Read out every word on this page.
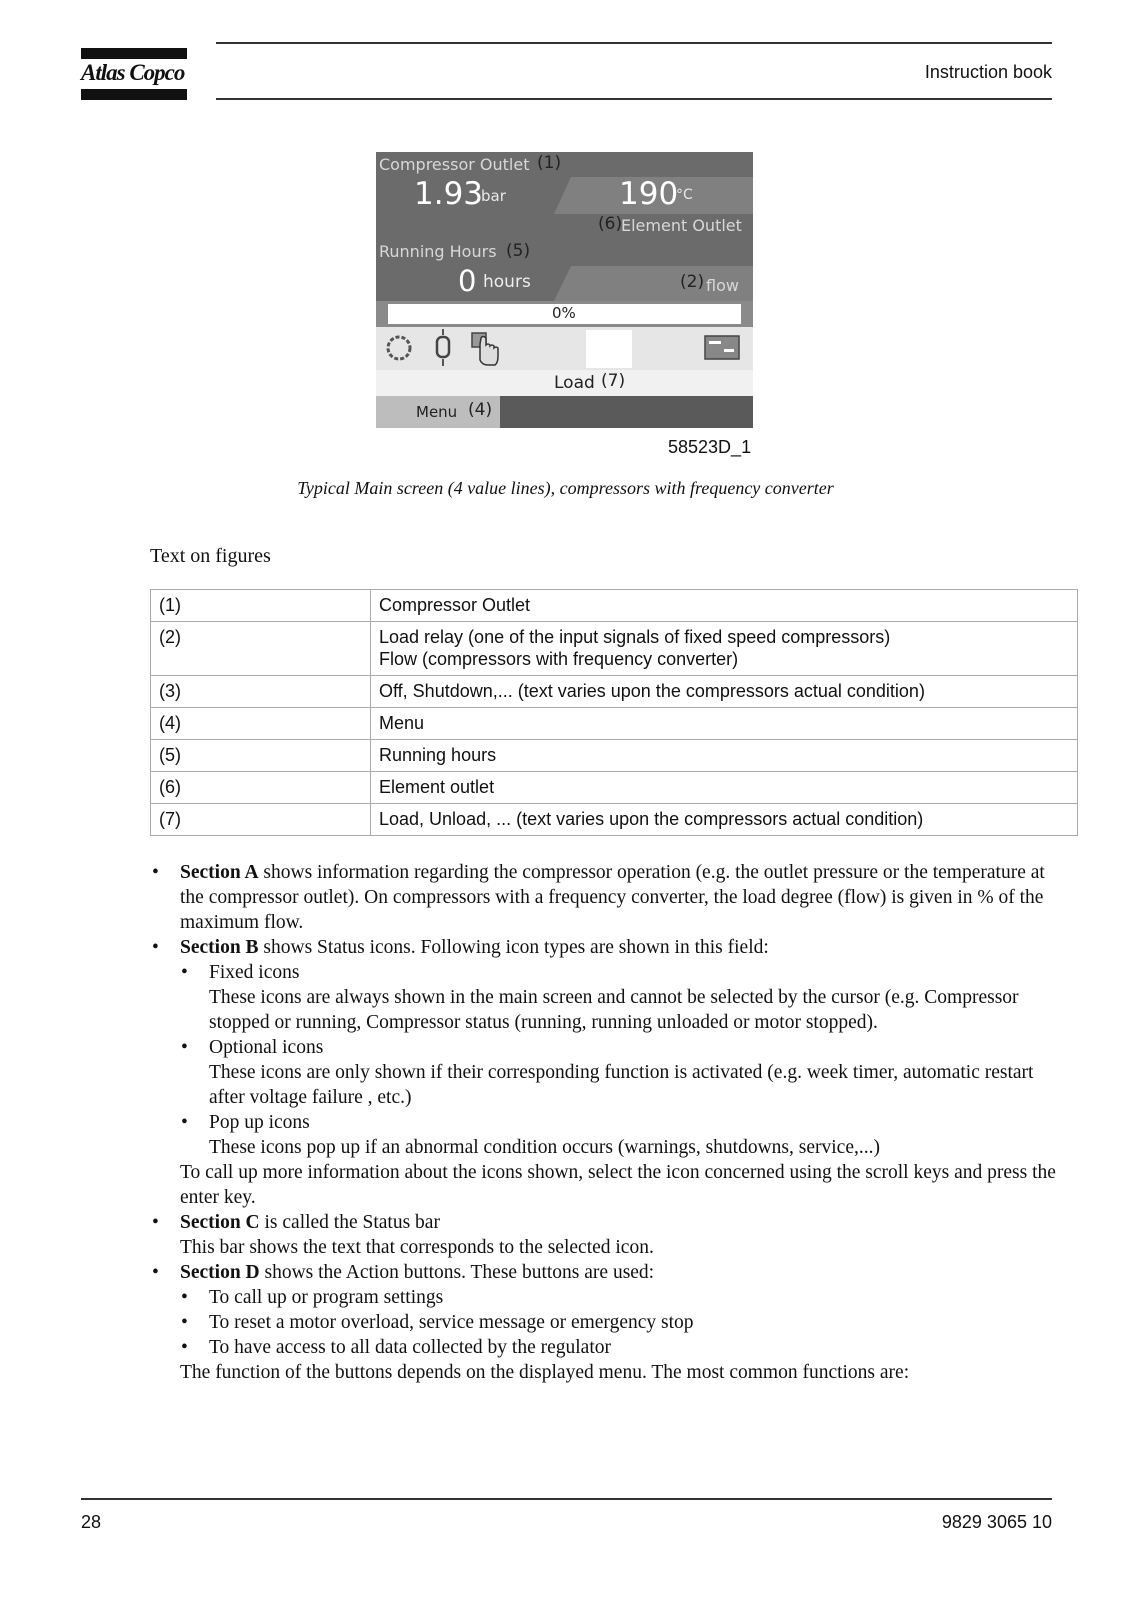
Atlas Copco	Instruction book
Compressor Outlet (1)
1.93
bar	190
°C
(6)
Element Outlet
Running Hours (5)
0 hours	(2) flow
0%
Load (7)
Menu (4)
58523D_1
Typical Main screen (4 value lines), compressors with frequency converter
Text on figures
(1)	Compressor Outlet
(2)	Load relay (one of the input signals of fixed speed compressors)
Flow (compressors with frequency converter)

(3)	Off, Shutdown,... (text varies upon the compressors actual condition)
(4)	Menu
(5)	Running hours
(6)	Element outlet
(7)	Load, Unload, ... (text varies upon the compressors actual condition)
• Section A shows information regarding the compressor operation (e.g. the outlet pressure or the temperature at the compressor outlet). On compressors with a frequency converter, the load degree (flow) is given in % of the maximum flow.
• Section B shows Status icons. Following icon types are shown in this field:
• Fixed icons
These icons are always shown in the main screen and cannot be selected by the cursor (e.g. Compressor stopped or running, Compressor status (running, running unloaded or motor stopped).
• Optional icons
These icons are only shown if their corresponding function is activated (e.g. week timer, automatic restart after voltage failure , etc.)
• Pop up icons
These icons pop up if an abnormal condition occurs (warnings, shutdowns, service,...)
To call up more information about the icons shown, select the icon concerned using the scroll keys and press the enter key.
• Section C is called the Status bar
This bar shows the text that corresponds to the selected icon.
• Section D shows the Action buttons. These buttons are used:
• To call up or program settings
• To reset a motor overload, service message or emergency stop
• To have access to all data collected by the regulator
The function of the buttons depends on the displayed menu. The most common functions are:
28	9829 3065 10
